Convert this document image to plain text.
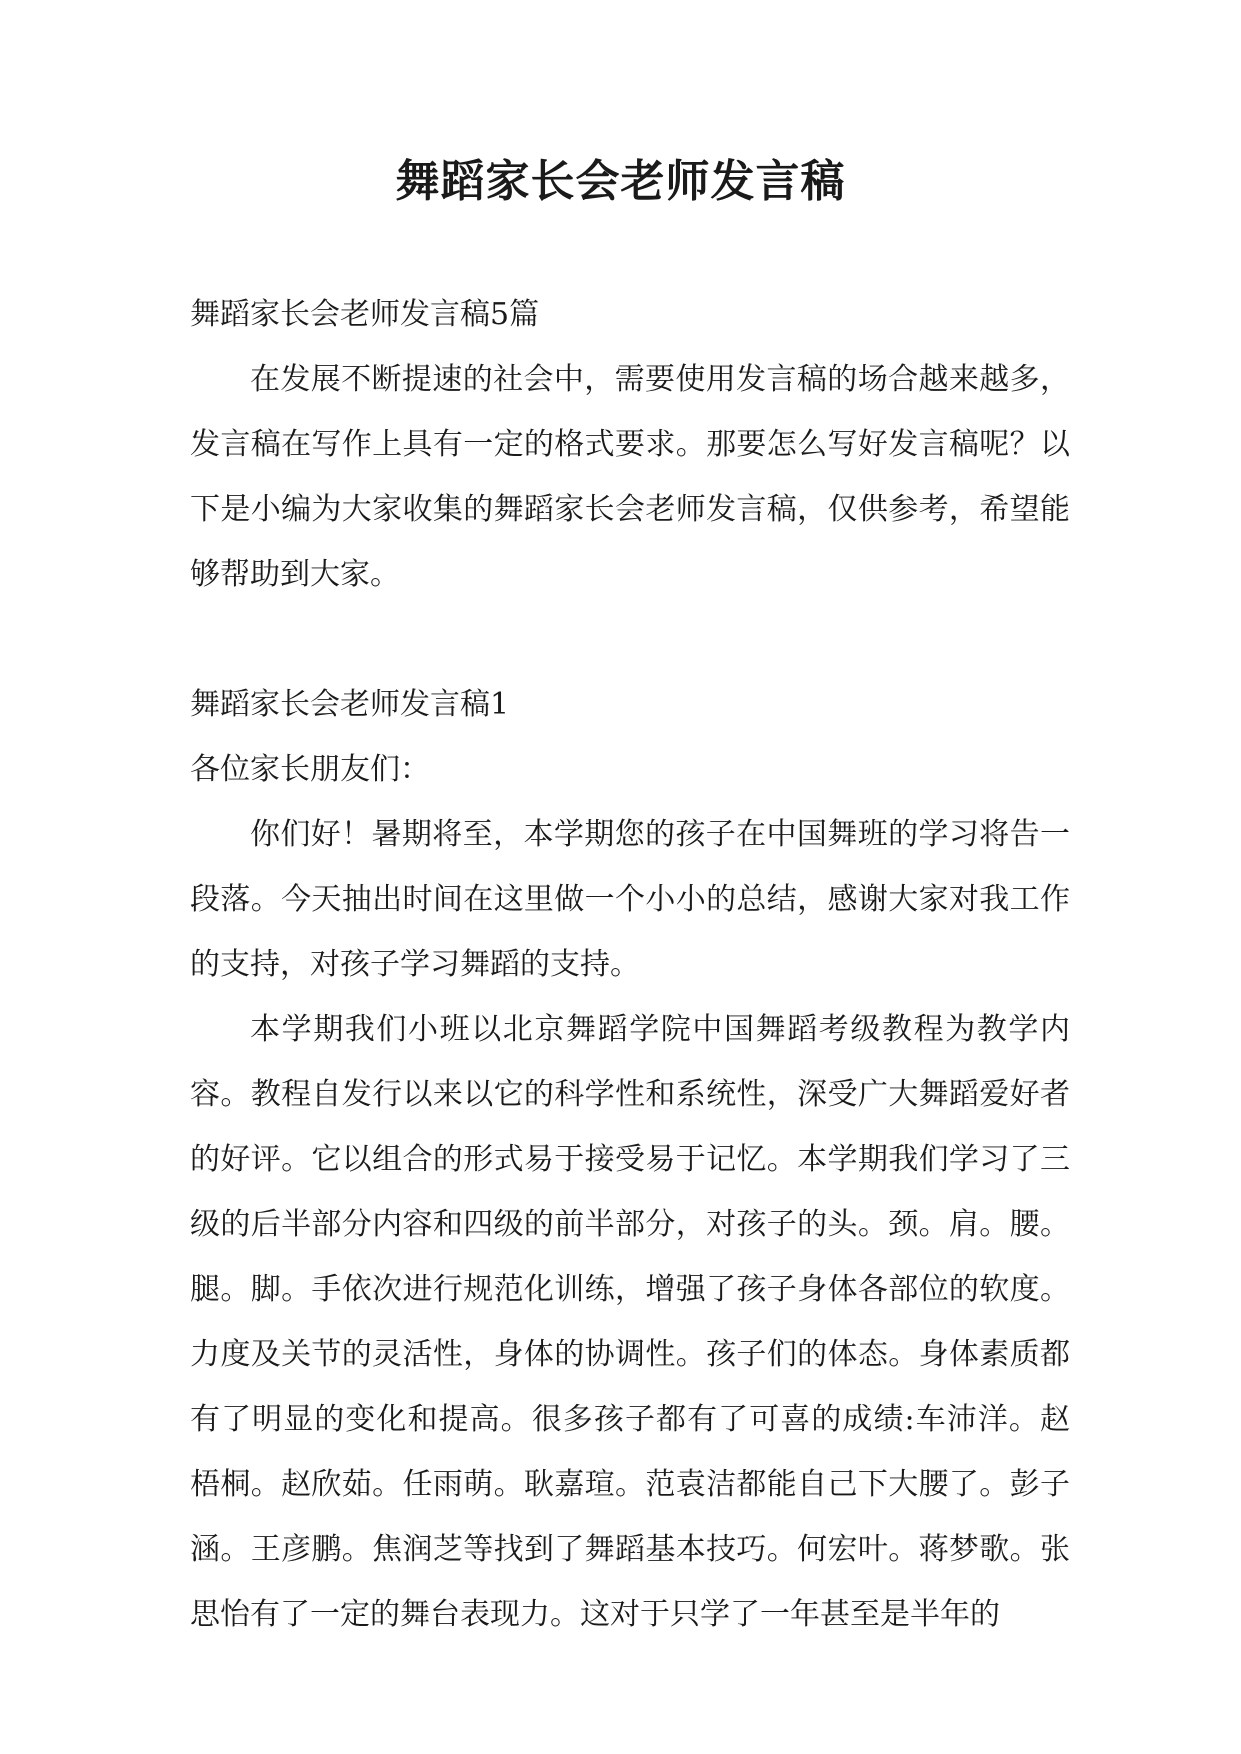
舞蹈家长会老师发言稿

舞蹈家长会老师发言稿5篇

在发展不断提速的社会中，需要使用发言稿的场合越来越多，发言稿在写作上具有一定的格式要求。那要怎么写好发言稿呢？以下是小编为大家收集的舞蹈家长会老师发言稿，仅供参考，希望能够帮助到大家。

舞蹈家长会老师发言稿1

各位家长朋友们：

你们好！暑期将至，本学期您的孩子在中国舞班的学习将告一段落。今天抽出时间在这里做一个小小的总结，感谢大家对我工作的支持，对孩子学习舞蹈的支持。

本学期我们小班以北京舞蹈学院中国舞蹈考级教程为教学内容。教程自发行以来以它的科学性和系统性，深受广大舞蹈爱好者的好评。它以组合的形式易于接受易于记忆。本学期我们学习了三级的后半部分内容和四级的前半部分，对孩子的头。颈。肩。腰。腿。脚。手依次进行规范化训练，增强了孩子身体各部位的软度。力度及关节的灵活性，身体的协调性。孩子们的体态。身体素质都有了明显的变化和提高。很多孩子都有了可喜的成绩:车沛洋。赵梧桐。赵欣茹。任雨萌。耿嘉瑄。范袁洁都能自己下大腰了。彭子涵。王彦鹏。焦润芝等找到了舞蹈基本技巧。何宏叶。蒋梦歌。张思怡有了一定的舞台表现力。这对于只学了一年甚至是半年的
